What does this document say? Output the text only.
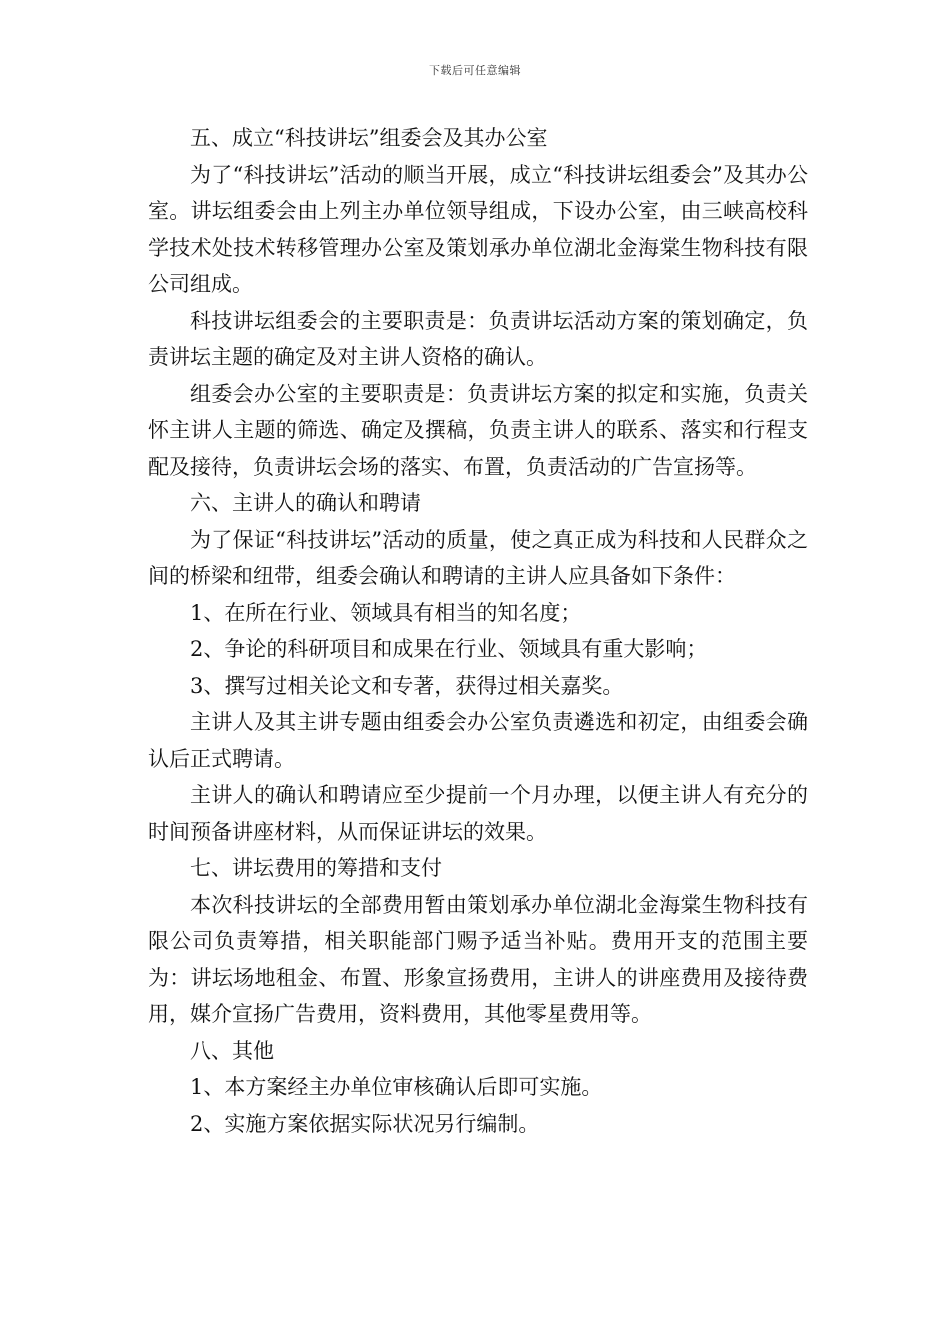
下载后可任意编辑

五、成立“科技讲坛”组委会及其办公室

为了“科技讲坛”活动的顺当开展，成立“科技讲坛组委会”及其办公室。讲坛组委会由上列主办单位领导组成，下设办公室，由三峡高校科学技术处技术转移管理办公室及策划承办单位湖北金海棠生物科技有限公司组成。

科技讲坛组委会的主要职责是：负责讲坛活动方案的策划确定，负责讲坛主题的确定及对主讲人资格的确认。

组委会办公室的主要职责是：负责讲坛方案的拟定和实施，负责关怀主讲人主题的筛选、确定及撰稿，负责主讲人的联系、落实和行程支配及接待，负责讲坛会场的落实、布置，负责活动的广告宣扬等。

六、主讲人的确认和聘请

为了保证“科技讲坛”活动的质量，使之真正成为科技和人民群众之间的桥梁和纽带，组委会确认和聘请的主讲人应具备如下条件：

1、在所在行业、领域具有相当的知名度；

2、争论的科研项目和成果在行业、领域具有重大影响；

3、撰写过相关论文和专著，获得过相关嘉奖。

主讲人及其主讲专题由组委会办公室负责遴选和初定，由组委会确认后正式聘请。

主讲人的确认和聘请应至少提前一个月办理，以便主讲人有充分的时间预备讲座材料，从而保证讲坛的效果。

七、讲坛费用的筹措和支付

本次科技讲坛的全部费用暂由策划承办单位湖北金海棠生物科技有限公司负责筹措，相关职能部门赐予适当补贴。费用开支的范围主要为：讲坛场地租金、布置、形象宣扬费用，主讲人的讲座费用及接待费用，媒介宣扬广告费用，资料费用，其他零星费用等。

八、其他

1、本方案经主办单位审核确认后即可实施。

2、实施方案依据实际状况另行编制。
